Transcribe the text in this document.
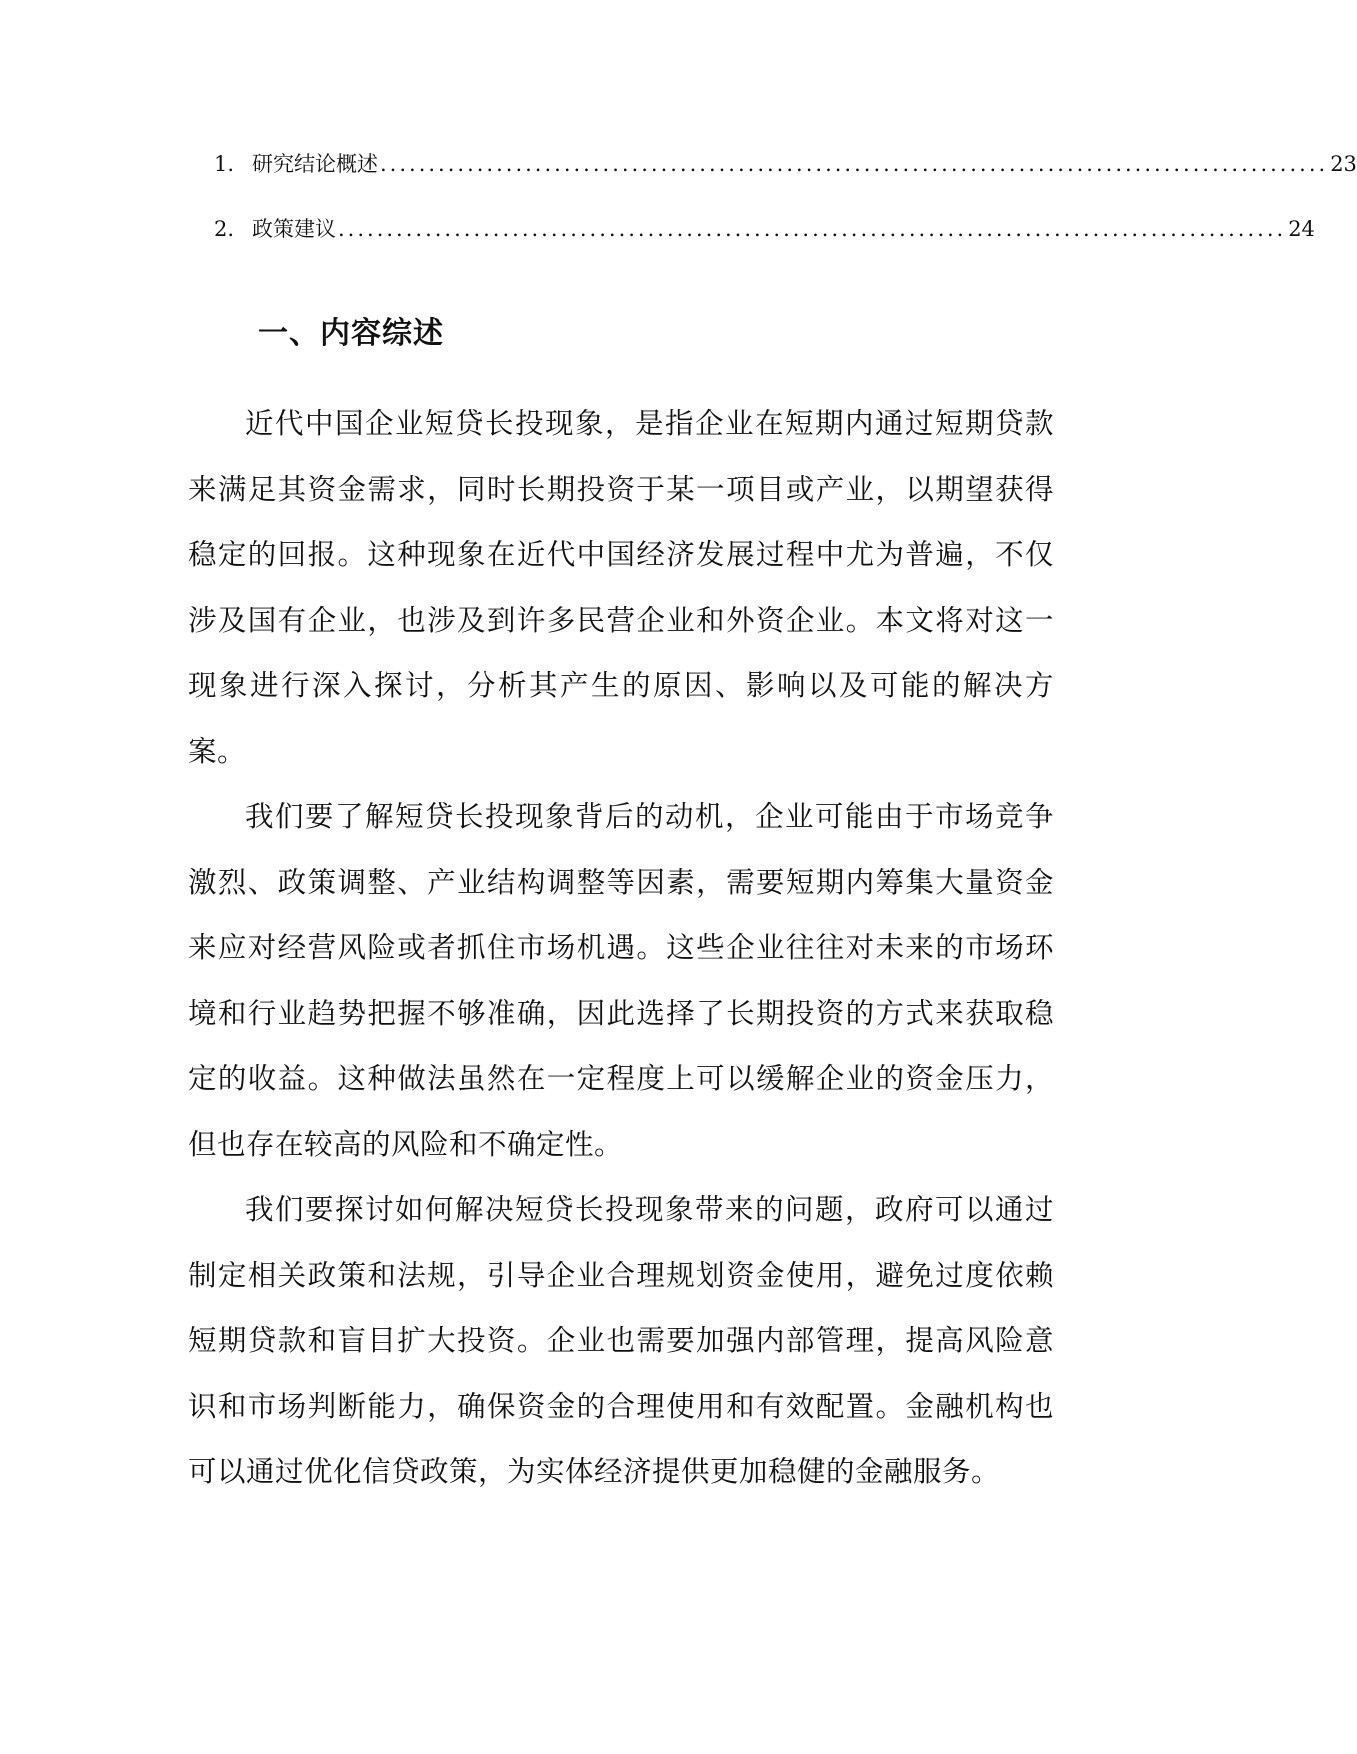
1. 研究结论概述 .................................................................................................. 23
2. 政策建议 .................................................................................................. 24
一、内容综述

近代中国企业短贷长投现象，是指企业在短期内通过短期贷款来满足其资金需求，同时长期投资于某一项目或产业，以期望获得稳定的回报。这种现象在近代中国经济发展过程中尤为普遍，不仅涉及国有企业，也涉及到许多民营企业和外资企业。本文将对这一现象进行深入探讨，分析其产生的原因、影响以及可能的解决方案。

我们要了解短贷长投现象背后的动机，企业可能由于市场竞争激烈、政策调整、产业结构调整等因素，需要短期内筹集大量资金来应对经营风险或者抓住市场机遇。这些企业往往对未来的市场环境和行业趋势把握不够准确，因此选择了长期投资的方式来获取稳定的收益。这种做法虽然在一定程度上可以缓解企业的资金压力，但也存在较高的风险和不确定性。

我们要探讨如何解决短贷长投现象带来的问题，政府可以通过制定相关政策和法规，引导企业合理规划资金使用，避免过度依赖短期贷款和盲目扩大投资。企业也需要加强内部管理，提高风险意识和市场判断能力，确保资金的合理使用和有效配置。金融机构也可以通过优化信贷政策，为实体经济提供更加稳健的金融服务。
